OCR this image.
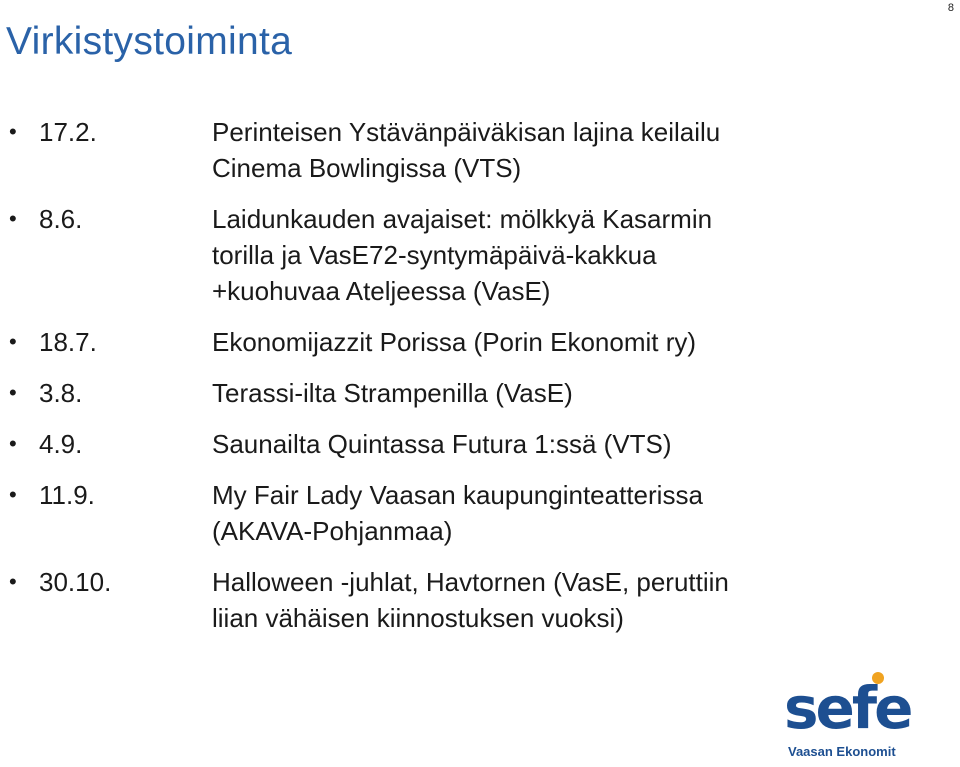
8
Virkistystoiminta
• 17.2.	Perinteisen Ystävänpäiväkisan lajina keilailu
Cinema Bowlingissa (VTS)
• 8.6.	Laidunkauden avajaiset: mölkkyä Kasarmin
torilla ja VasE72-syntymäpäivä-kakkua
+kuohuvaa Ateljeessa (VasE)
• 18.7.	Ekonomijazzit Porissa (Porin Ekonomit ry)
• 3.8.	Terassi-ilta Strampenilla (VasE)
• 4.9.	Saunailta Quintassa Futura 1:ssä (VTS)
• 11.9.	My Fair Lady Vaasan kaupunginteatterissa
(AKAVA-Pohjanmaa)
• 30.10.	Halloween -juhlat, Havtornen (VasE, peruttiin
liian vähäisen kiinnostuksen vuoksi)
sefe
Vaasan Ekonomit
